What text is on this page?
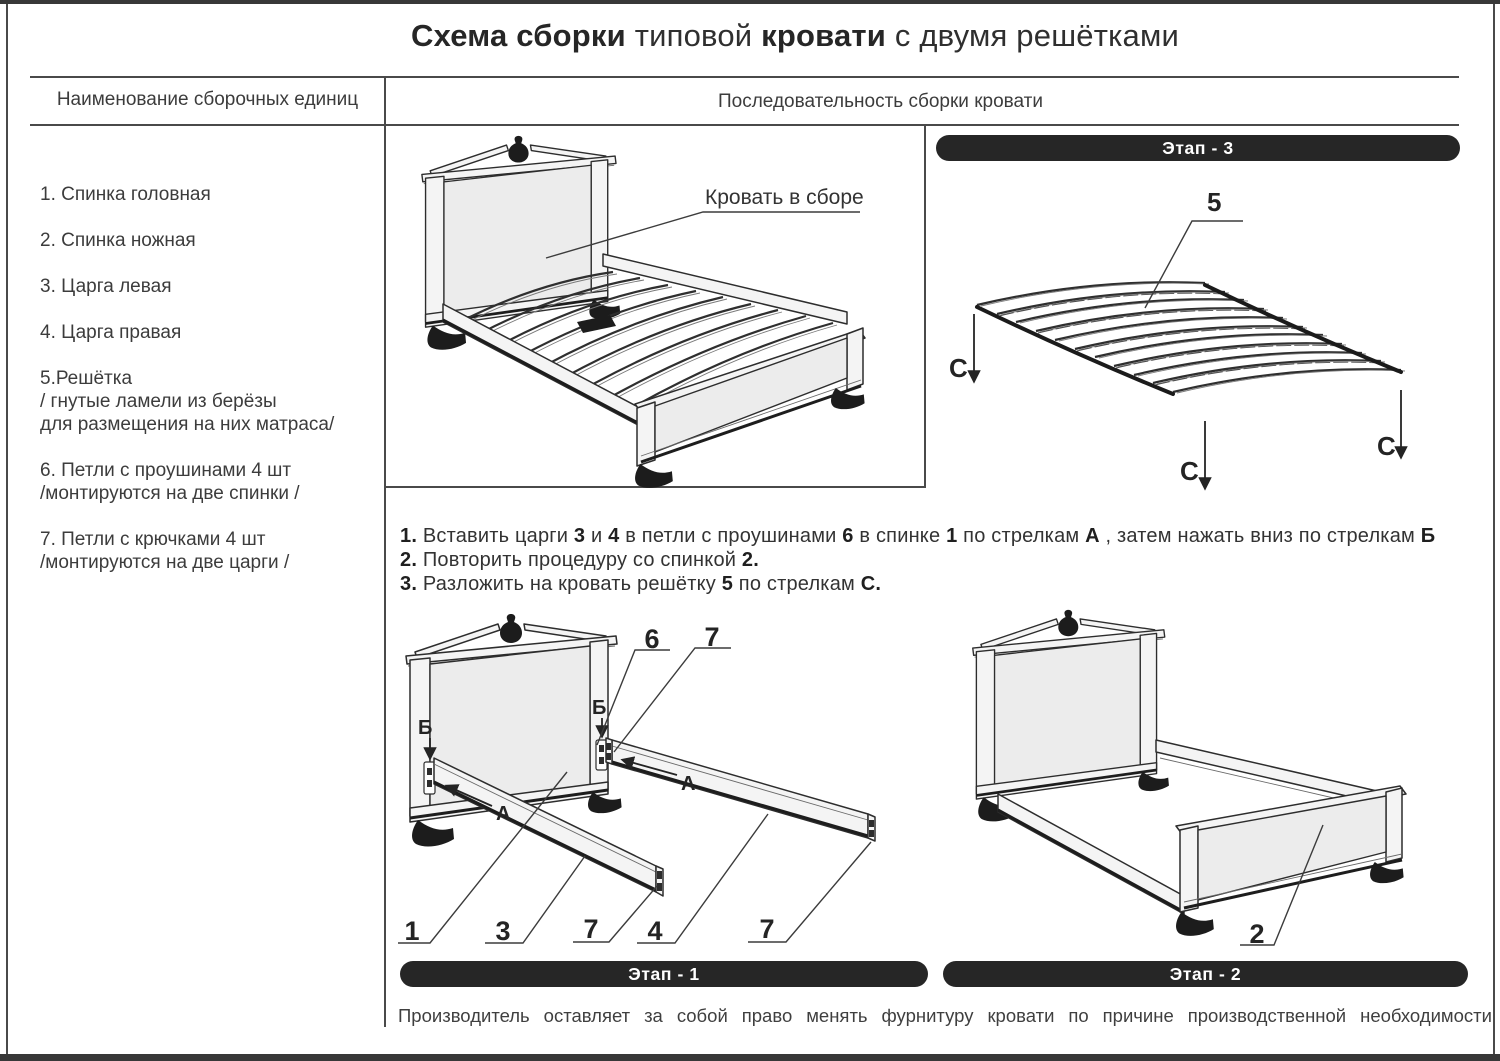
Схема сборки типовой кровати с двумя решётками
Наименование сборочных единиц	Последовательность сборки кровати
1. Спинка головная
2. Спинка ножная
3. Царга левая
4. Царга правая
5.Решётка
/ гнутые ламели из берёзы
для размещения на них матраса/
6. Петли с проушинами 4 шт
/монтируются на две спинки /
7. Петли с крючками 4 шт
/монтируются на две царги /
Кровать в сборе	5
С
С
С
1. Вставить царги 3 и 4 в петли с проушинами 6 в спинке 1 по стрелкам А , затем нажать вниз по стрелкам Б
2. Повторить процедуру со спинкой 2.
3. Разложить на кровать решётку 5 по стрелкам С.
Б
Б
А
А
6 7
1	3	7 4	7	2
Этап - 3
Этап - 1	Этап - 2
Производитель оставляет за собой право менять фурнитуру кровати по причине производственной необходимости
